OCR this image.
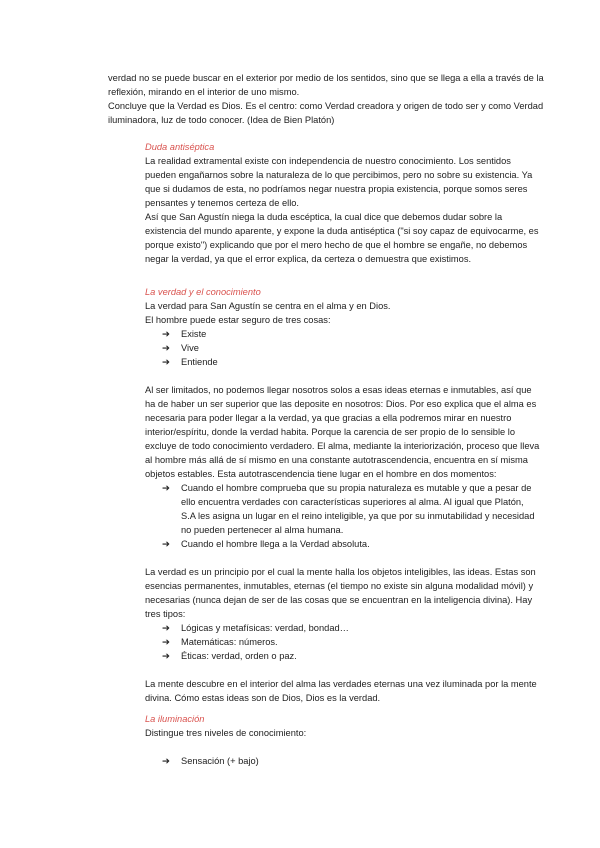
verdad no se puede buscar en el exterior por medio de los sentidos, sino que se llega a ella a través de la reflexión, mirando en el interior de uno mismo.

Concluye que la Verdad es Dios. Es el centro: como Verdad creadora y origen de todo ser y como Verdad iluminadora, luz de todo conocer. (Idea de Bien Platón)

Duda antiséptica

La realidad extramental existe con independencia de nuestro conocimiento. Los sentidos pueden engañarnos sobre la naturaleza de lo que percibimos, pero no sobre su existencia. Ya que si dudamos de esta, no podríamos negar nuestra propia existencia, porque somos seres pensantes y tenemos certeza de ello.

Así que San Agustín niega la duda escéptica, la cual dice que debemos dudar sobre la existencia del mundo aparente, y expone la duda antiséptica ("si soy capaz de equivocarme, es porque existo") explicando que por el mero hecho de que el hombre se engañe, no debemos negar la verdad, ya que el error explica, da certeza o demuestra que existimos.

La verdad y el conocimiento

La verdad para San Agustín se centra en el alma y en Dios.

El hombre puede estar seguro de tres cosas:

➔ Existe
➔ Vive
➔ Entiende

Al ser limitados, no podemos llegar nosotros solos a esas ideas eternas e inmutables, así que ha de haber un ser superior que las deposite en nosotros: Dios. Por eso explica que el alma es necesaria para poder llegar a la verdad, ya que gracias a ella podremos mirar en nuestro interior/espíritu, donde la verdad habita. Porque la carencia de ser propio de lo sensible lo excluye de todo conocimiento verdadero. El alma, mediante la interiorización, proceso que lleva al hombre más allá de sí mismo en una constante autotrascendencia, encuentra en sí misma objetos estables. Esta autotrascendencia tiene lugar en el hombre en dos momentos:

➔ Cuando el hombre comprueba que su propia naturaleza es mutable y que a pesar de ello encuentra verdades con características superiores al alma. Al igual que Platón, S.A les asigna un lugar en el reino inteligible, ya que por su inmutabilidad y necesidad no pueden pertenecer al alma humana.
➔ Cuando el hombre llega a la Verdad absoluta.

La verdad es un principio por el cual la mente halla los objetos inteligibles, las ideas. Estas son esencias permanentes, inmutables, eternas (el tiempo no existe sin alguna modalidad móvil) y necesarias (nunca dejan de ser de las cosas que se encuentran en la inteligencia divina). Hay tres tipos:

➔ Lógicas y metafísicas: verdad, bondad…
➔ Matemáticas: números.
➔ Éticas: verdad, orden o paz.

La mente descubre en el interior del alma las verdades eternas una vez iluminada por la mente divina. Cómo estas ideas son de Dios, Dios es la verdad.

La iluminación

Distingue tres niveles de conocimiento:

➔ Sensación (+ bajo)
